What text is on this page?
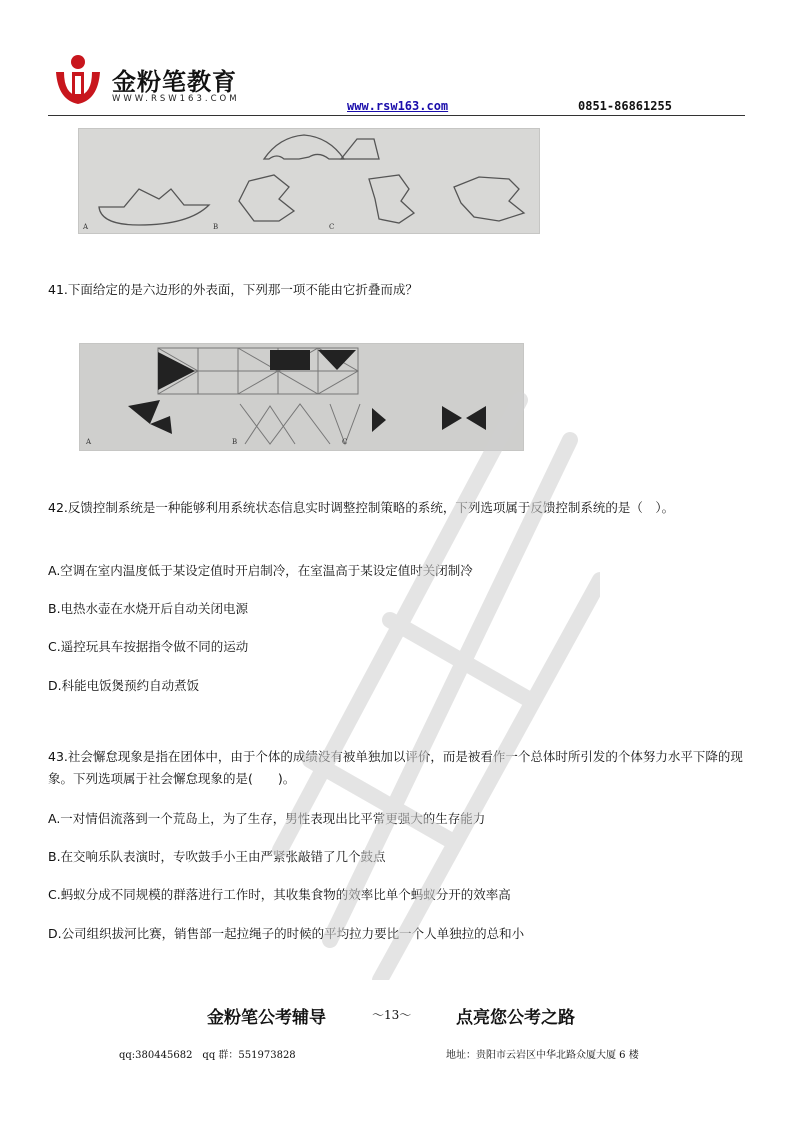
金粉笔教育
WWW.RSW163.COM	www.rsw163.com	0851-86861255
A	B	C
41.下面给定的是六边形的外表面，下列那一项不能由它折叠而成？
A	B	C
42.反馈控制系统是一种能够利用系统状态信息实时调整控制策略的系统，下列选项属于反馈控制系统的是（　）。
A.空调在室内温度低于某设定值时开启制冷，在室温高于某设定值时关闭制冷
B.电热水壶在水烧开后自动关闭电源
C.遥控玩具车按据指令做不同的运动
D.科能电饭煲预约自动煮饭
43.社会懈怠现象是指在团体中，由于个体的成绩没有被单独加以评价，而是被看作一个总体时所引发的个体努力水平下降的现象。下列选项属于社会懈怠现象的是(　　)。
A.一对情侣流落到一个荒岛上，为了生存，男性表现出比平常更强大的生存能力
B.在交响乐队表演时，专吹鼓手小王由严紧张敲错了几个鼓点
C.蚂蚁分成不同规模的群落进行工作时，其收集食物的效率比单个蚂蚁分开的效率高
D.公司组织拔河比赛，销售部一起拉绳子的时候的平均拉力要比一个人单独拉的总和小
金粉笔公考辅导	～13～	点亮您公考之路
qq:380445682　qq 群：551973828	地址：贵阳市云岩区中华北路众厦大厦 6 楼
